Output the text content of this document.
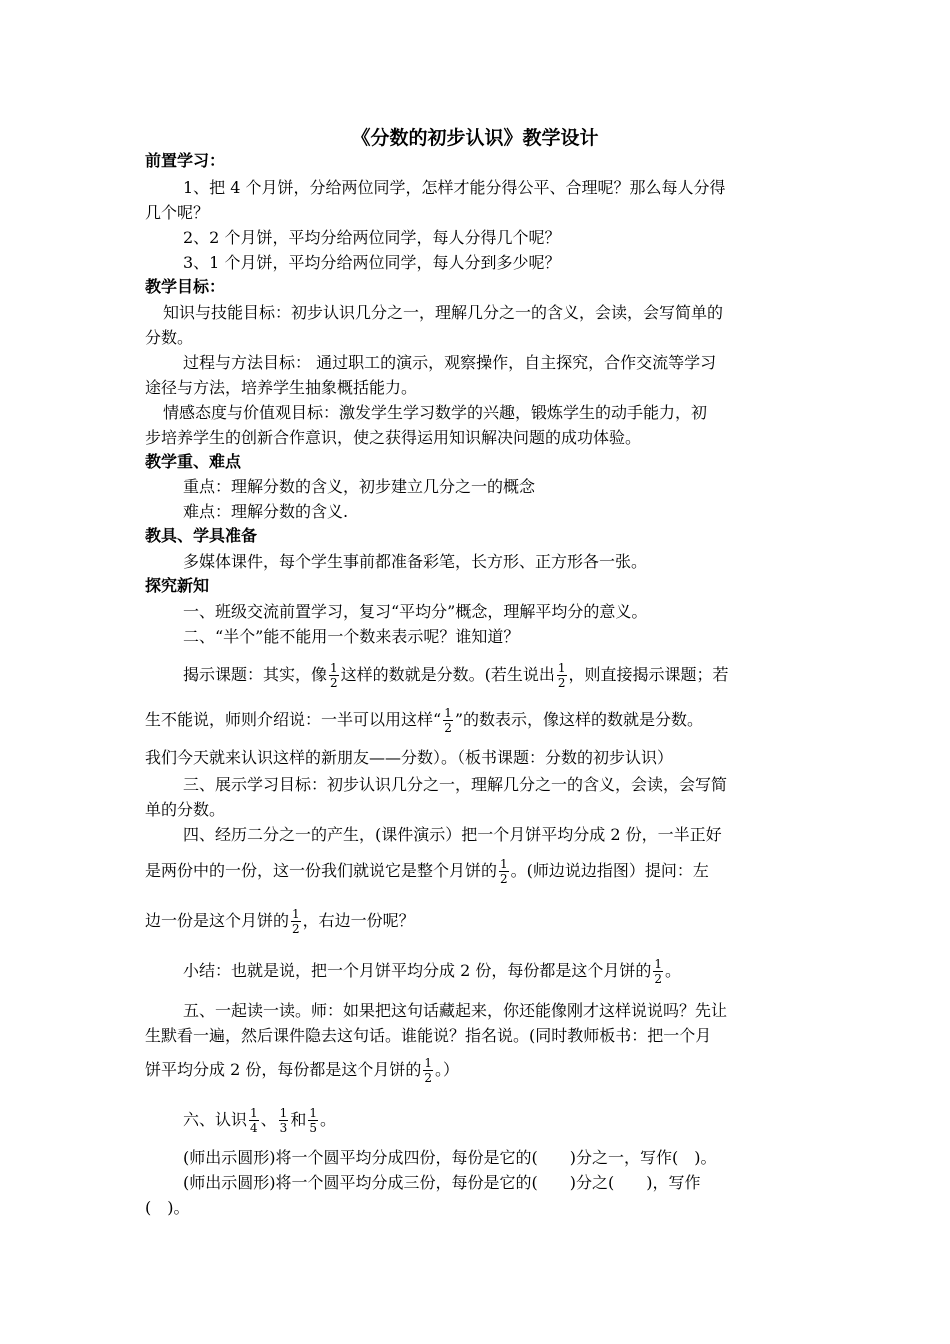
《分数的初步认识》教学设计
前置学习：
1、把 4 个月饼，分给两位同学，怎样才能分得公平、合理呢？那么每人分得
几个呢？
2、2 个月饼，平均分给两位同学，每人分得几个呢？
3、1 个月饼，平均分给两位同学，每人分到多少呢？
教学目标：
知识与技能目标：初步认识几分之一，理解几分之一的含义，会读，会写简单的
分数。
过程与方法目标： 通过职工的演示，观察操作，自主探究，合作交流等学习
途径与方法，培养学生抽象概括能力。
情感态度与价值观目标：激发学生学习数学的兴趣，锻炼学生的动手能力，初
步培养学生的创新合作意识，使之获得运用知识解决问题的成功体验。
教学重、难点
重点：理解分数的含义，初步建立几分之一的概念
难点：理解分数的含义.
教具、学具准备
多媒体课件，每个学生事前都准备彩笔，长方形、正方形各一张。
探究新知
一、班级交流前置学习，复习“平均分”概念，理解平均分的意义。
二、“半个”能不能用一个数来表示呢？谁知道？
揭示课题：其实，像 $\frac{1}{2}$ 这样的数就是分数。(若生说出 $\frac{1}{2}$ ，则直接揭示课题；若
生不能说，师则介绍说：一半可以用这样“ $\frac{1}{2}$ ”的数表示，像这样的数就是分数。
我们今天就来认识这样的新朋友——分数）。（板书课题：分数的初步认识）
三、展示学习目标：初步认识几分之一，理解几分之一的含义，会读，会写简
单的分数。
四、经历二分之一的产生，(课件演示）把一个月饼平均分成 2 份，一半正好
是两份中的一份，这一份我们就说它是整个月饼的 $\frac{1}{2}$ 。(师边说边指图）提问：左
边一份是这个月饼的 $\frac{1}{2}$ ，右边一份呢？
小结：也就是说，把一个月饼平均分成 2 份，每份都是这个月饼的 $\frac{1}{2}$ 。
五、一起读一读。师：如果把这句话藏起来，你还能像刚才这样说说吗？先让
生默看一遍，然后课件隐去这句话。谁能说？指名说。(同时教师板书：把一个月
饼平均分成 2 份，每份都是这个月饼的 $\frac{1}{2}$ 。）
六、认识 $\frac{1}{4}$ 、 $\frac{1}{3}$ 和 $\frac{1}{5}$ 。
(师出示圆形)将一个圆平均分成四份，每份是它的(　　)分之一，写作(　)。
(师出示圆形)将一个圆平均分成三份，每份是它的(　　)分之(　　)，写作
(　)。
